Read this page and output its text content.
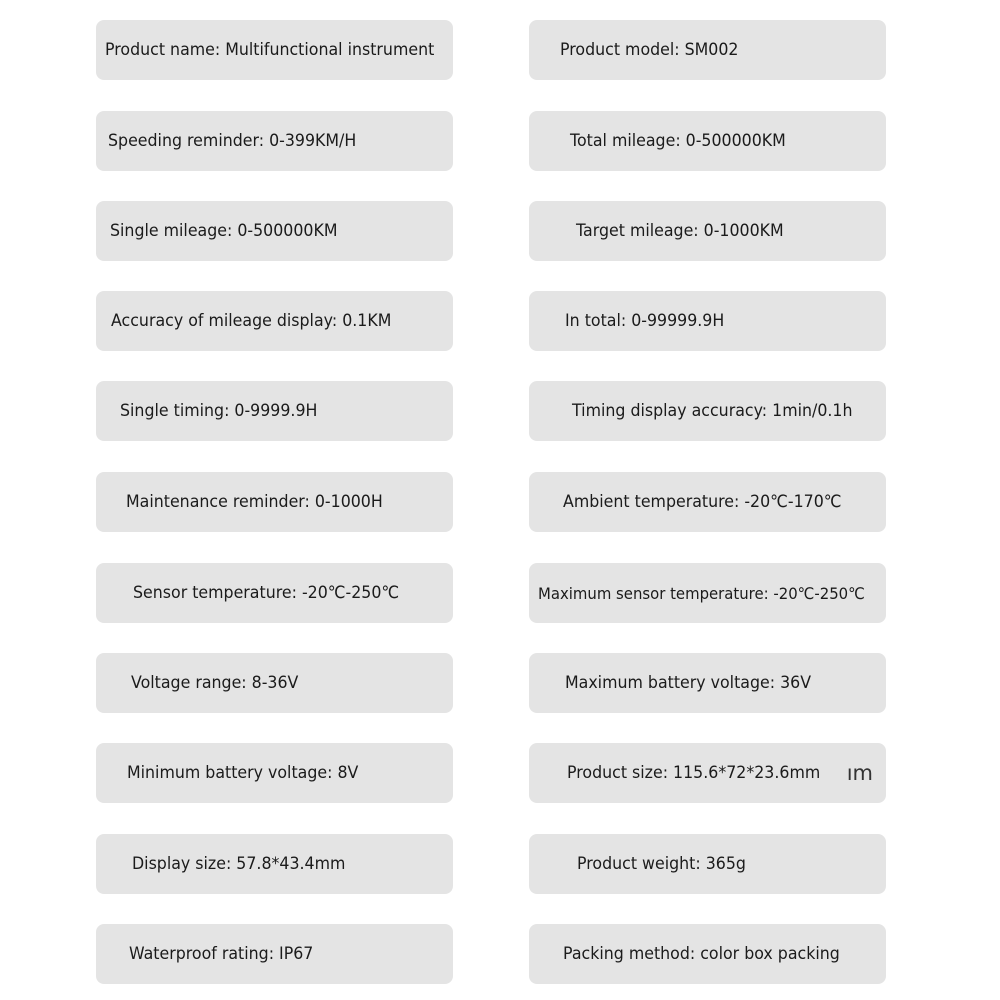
Product name: Multifunctional instrument
Speeding reminder: 0-399KM/H
Single mileage: 0-500000KM
Accuracy of mileage display: 0.1KM
Single timing: 0-9999.9H
Maintenance reminder: 0-1000H
Sensor temperature: -20℃-250℃
Voltage range: 8-36V
Minimum battery voltage: 8V
Display size: 57.8*43.4mm
Waterproof rating: IP67
Product model: SM002
Total mileage: 0-500000KM
Target mileage: 0-1000KM
In total: 0-99999.9H
Timing display accuracy: 1min/0.1h
Ambient temperature: -20℃-170℃
Maximum sensor temperature: -20℃-250℃
Maximum battery voltage: 36V
Product size: 115.6*72*23.6mm ım
Product weight: 365g
Packing method: color box packing
